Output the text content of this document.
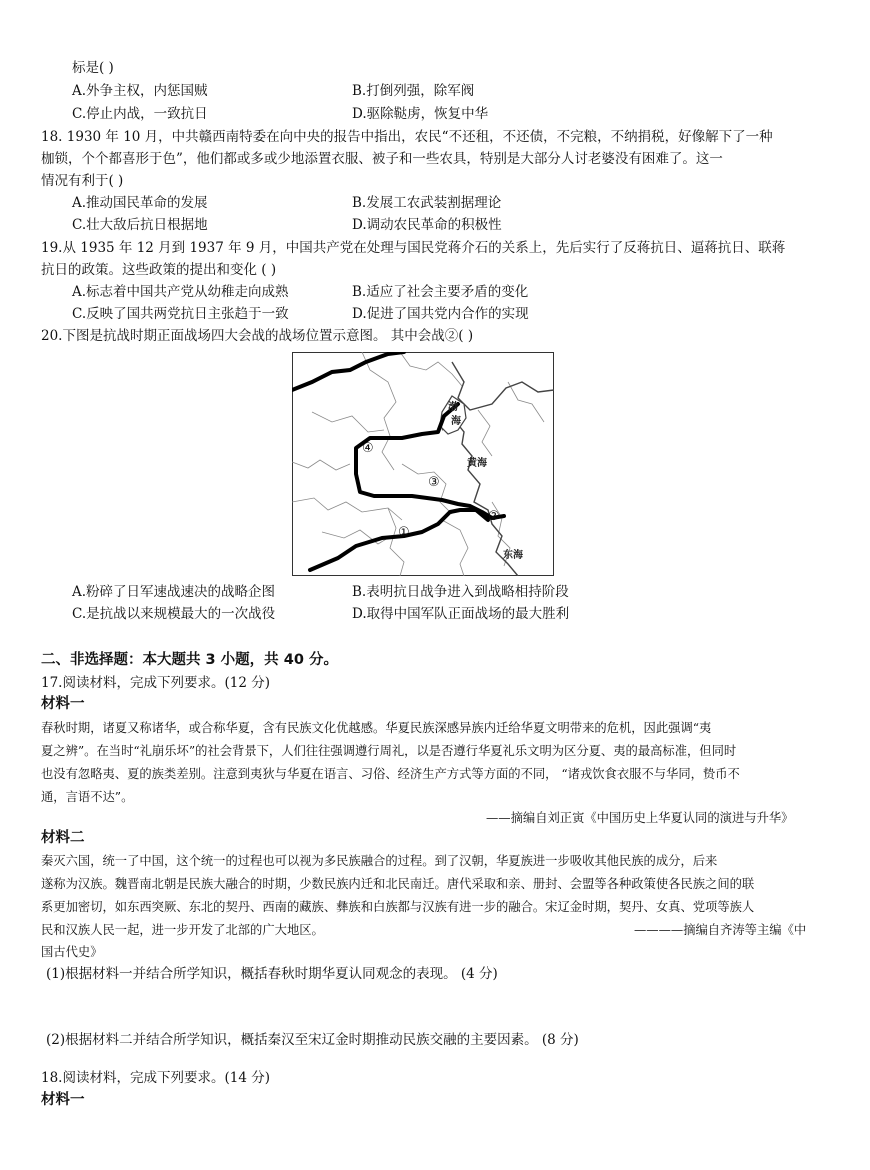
标是( )
A.外争主权，内惩国贼	B.打倒列强，除军阀
C.停止内战，一致抗日	D.驱除鞑虏，恢复中华
18. 1930 年 10 月，中共赣西南特委在向中央的报告中指出，农民“不还租，不还债，不完粮，不纳捐税，好像解下了一种
枷锁，个个都喜形于色”，他们都或多或少地添置衣服、被子和一些农具，特别是大部分人讨老婆没有困难了。这一
情况有利于( )
A.推动国民革命的发展	B.发展工农武装割据理论
C.壮大敌后抗日根据地	D.调动农民革命的积极性
19.从 1935 年 12 月到 1937 年 9 月，中国共产党在处理与国民党蒋介石的关系上，先后实行了反蒋抗日、逼蒋抗日、联蒋
抗日的政策。这些政策的提出和变化 ( )
A.标志着中国共产党从幼稚走向成熟	B.适应了社会主要矛盾的变化
C.反映了国共两党抗日主张趋于一致	D.促进了国共党内合作的实现
20.下图是抗战时期正面战场四大会战的战场位置示意图。 其中会战②( )
渤
海
黄海
东海
①
②
③
④
A.粉碎了日军速战速决的战略企图	B.表明抗日战争进入到战略相持阶段
C.是抗战以来规模最大的一次战役	D.取得中国军队正面战场的最大胜利
二、非选择题：本大题共 3 小题，共 40 分。
17.阅读材料，完成下列要求。(12 分)
材料一
春秋时期，诸夏又称诸华，或合称华夏，含有民族文化优越感。华夏民族深感异族内迁给华夏文明带来的危机，因此强调“夷
夏之辨”。在当时“礼崩乐坏”的社会背景下，人们往往强调遵行周礼，以是否遵行华夏礼乐文明为区分夏、夷的最高标准，但同时
也没有忽略夷、夏的族类差别。注意到夷狄与华夏在语言、习俗、经济生产方式等方面的不同， “诸戎饮食衣服不与华同，贽币不
通，言语不达”。
——摘编自刘正寅《中国历史上华夏认同的演进与升华》
材料二
秦灭六国，统一了中国，这个统一的过程也可以视为多民族融合的过程。到了汉朝，华夏族进一步吸收其他民族的成分，后来
遂称为汉族。魏晋南北朝是民族大融合的时期，少数民族内迁和北民南迁。唐代采取和亲、册封、会盟等各种政策使各民族之间的联
系更加密切，如东西突厥、东北的契丹、西南的藏族、彝族和白族都与汉族有进一步的融合。宋辽金时期，契丹、女真、党项等族人
民和汉族人民一起，进一步开发了北部的广大地区。	————摘编自齐涛等主编《中
国古代史》
(1)根据材料一并结合所学知识，概括春秋时期华夏认同观念的表现。 (4 分)
(2)根据材料二并结合所学知识，概括秦汉至宋辽金时期推动民族交融的主要因素。 (8 分)
18.阅读材料，完成下列要求。(14 分)
材料一
